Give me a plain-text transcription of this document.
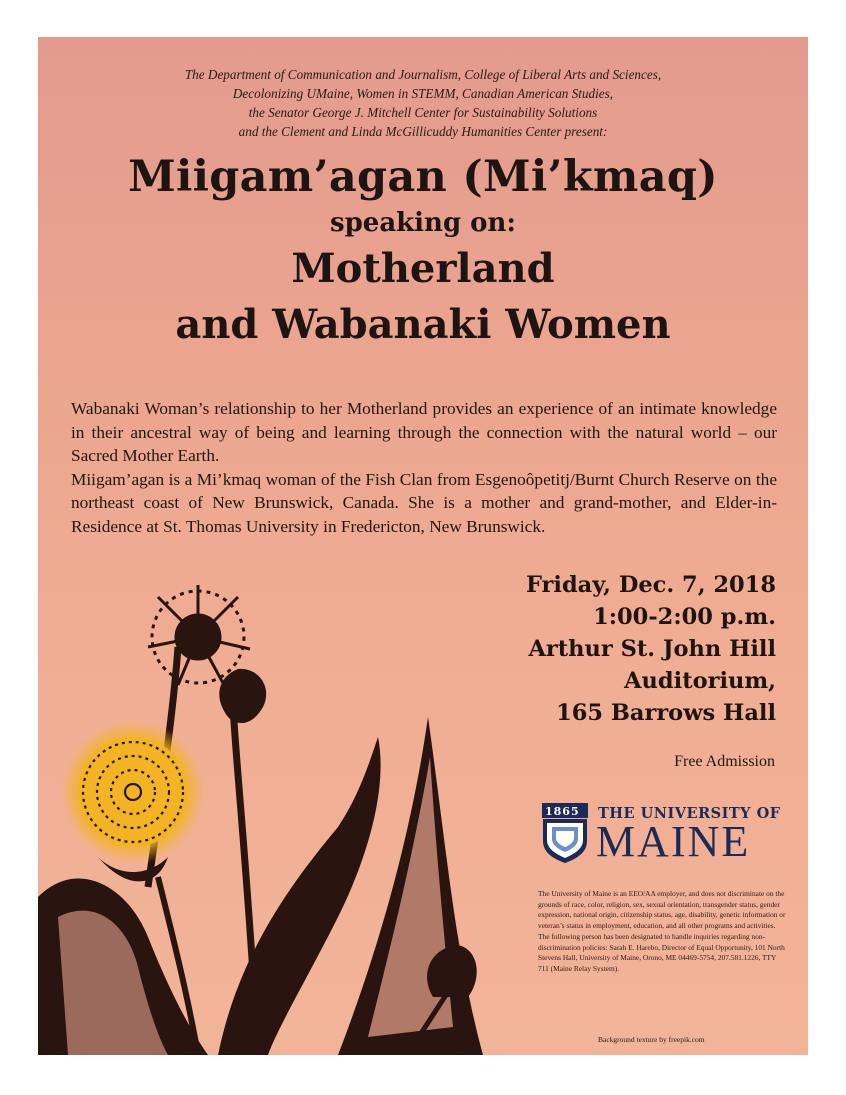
The Department of Communication and Journalism, College of Liberal Arts and Sciences,
Decolonizing UMaine, Women in STEMM, Canadian American Studies,
the Senator George J. Mitchell Center for Sustainability Solutions
and the Clement and Linda McGillicuddy Humanities Center present:
Miigam’agan (Mi’kmaq)
speaking on:
Motherland
and Wabanaki Women

Wabanaki Woman’s relationship to her Motherland provides an experience of an intimate knowledge in their ancestral way of being and learning through the connection with the natural world – our Sacred Mother Earth.

Miigam’agan is a Mi’kmaq woman of the Fish Clan from Esgenoôpetitj/Burnt Church Reserve on the northeast coast of New Brunswick, Canada. She is a mother and grand-mother, and Elder-in-Residence at St. Thomas University in Fredericton, New Brunswick.

Friday, Dec. 7, 2018
1:00-2:00 p.m.
Arthur St. John Hill
Auditorium,
165 Barrows Hall
Free Admission
1865 THE UNIVERSITY OF
MAINE
The University of Maine is an EEO/AA employer, and does not discriminate on the grounds of race, color, religion, sex, sexual orientation, transgender status, gender expression, national origin, citizenship status, age, disability, genetic information or veteran’s status in employment, education, and all other programs and activities. The following person has been designated to handle inquiries regarding non-discrimination policies: Sarah E. Harebo, Director of Equal Opportunity, 101 North Stevens Hall, University of Maine, Orono, ME 04469-5754, 207.581.1226, TTY 711 (Maine Relay System).
Background texture by freepik.com
